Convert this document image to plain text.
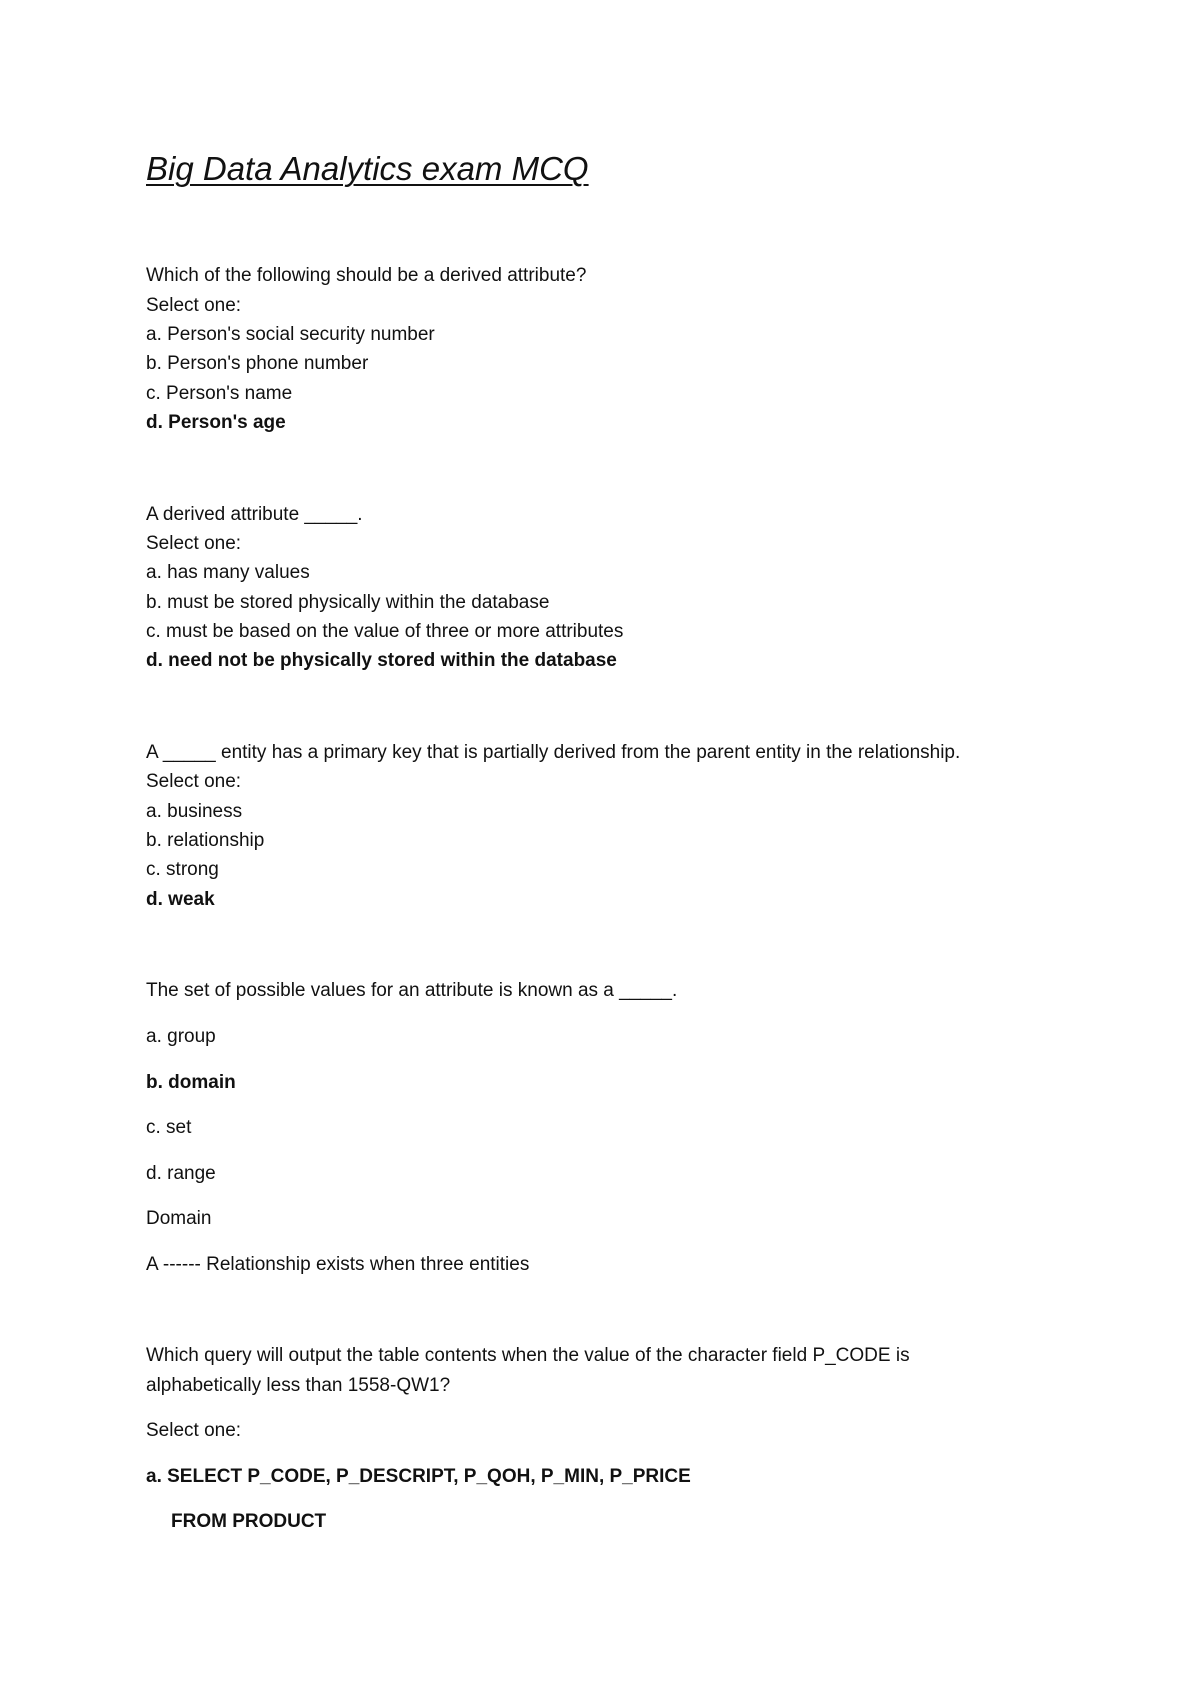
Big Data Analytics exam MCQ
Which of the following should be a derived attribute?
Select one:
a. Person's social security number
b. Person's phone number
c. Person's name
d. Person's age
A derived attribute _____.
Select one:
a. has many values
b. must be stored physically within the database
c. must be based on the value of three or more attributes
d. need not be physically stored within the database
A _____ entity has a primary key that is partially derived from the parent entity in the relationship.
Select one:
a. business
b. relationship
c. strong
d. weak
The set of possible values for an attribute is known as a _____.
a. group
b. domain
c. set
d. range
Domain
A ------ Relationship exists when three entities
Which query will output the table contents when the value of the character field P_CODE is
alphabetically less than 1558-QW1?
Select one:
a. SELECT P_CODE, P_DESCRIPT, P_QOH, P_MIN, P_PRICE
FROM PRODUCT
